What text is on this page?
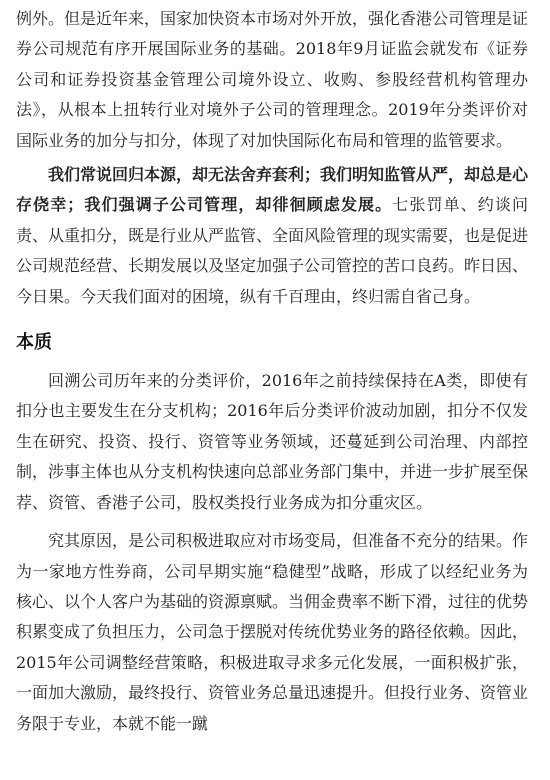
例外。但是近年来，国家加快资本市场对外开放，强化香港公司管理是证券公司规范有序开展国际业务的基础。2018年9月证监会就发布《证券公司和证券投资基金管理公司境外设立、收购、参股经营机构管理办法》，从根本上扭转行业对境外子公司的管理理念。2019年分类评价对国际业务的加分与扣分，体现了对加快国际化布局和管理的监管要求。

我们常说回归本源，却无法舍弃套利；我们明知监管从严，却总是心存侥幸；我们强调子公司管理，却徘徊顾虑发展。七张罚单、约谈问责、从重扣分，既是行业从严监管、全面风险管理的现实需要，也是促进公司规范经营、长期发展以及坚定加强子公司管控的苦口良药。昨日因、今日果。今天我们面对的困境，纵有千百理由，终归需自省己身。

本质

回溯公司历年来的分类评价，2016年之前持续保持在A类，即使有扣分也主要发生在分支机构；2016年后分类评价波动加剧，扣分不仅发生在研究、投资、投行、资管等业务领域，还蔓延到公司治理、内部控制，涉事主体也从分支机构快速向总部业务部门集中，并进一步扩展至保荐、资管、香港子公司，股权类投行业务成为扣分重灾区。

究其原因，是公司积极进取应对市场变局，但准备不充分的结果。作为一家地方性券商，公司早期实施“稳健型”战略，形成了以经纪业务为核心、以个人客户为基础的资源禀赋。当佣金费率不断下滑，过往的优势积累变成了负担压力，公司急于摆脱对传统优势业务的路径依赖。因此，2015年公司调整经营策略，积极进取寻求多元化发展，一面积极扩张，一面加大激励，最终投行、资管业务总量迅速提升。但投行业务、资管业务限于专业，本就不能一蹴
